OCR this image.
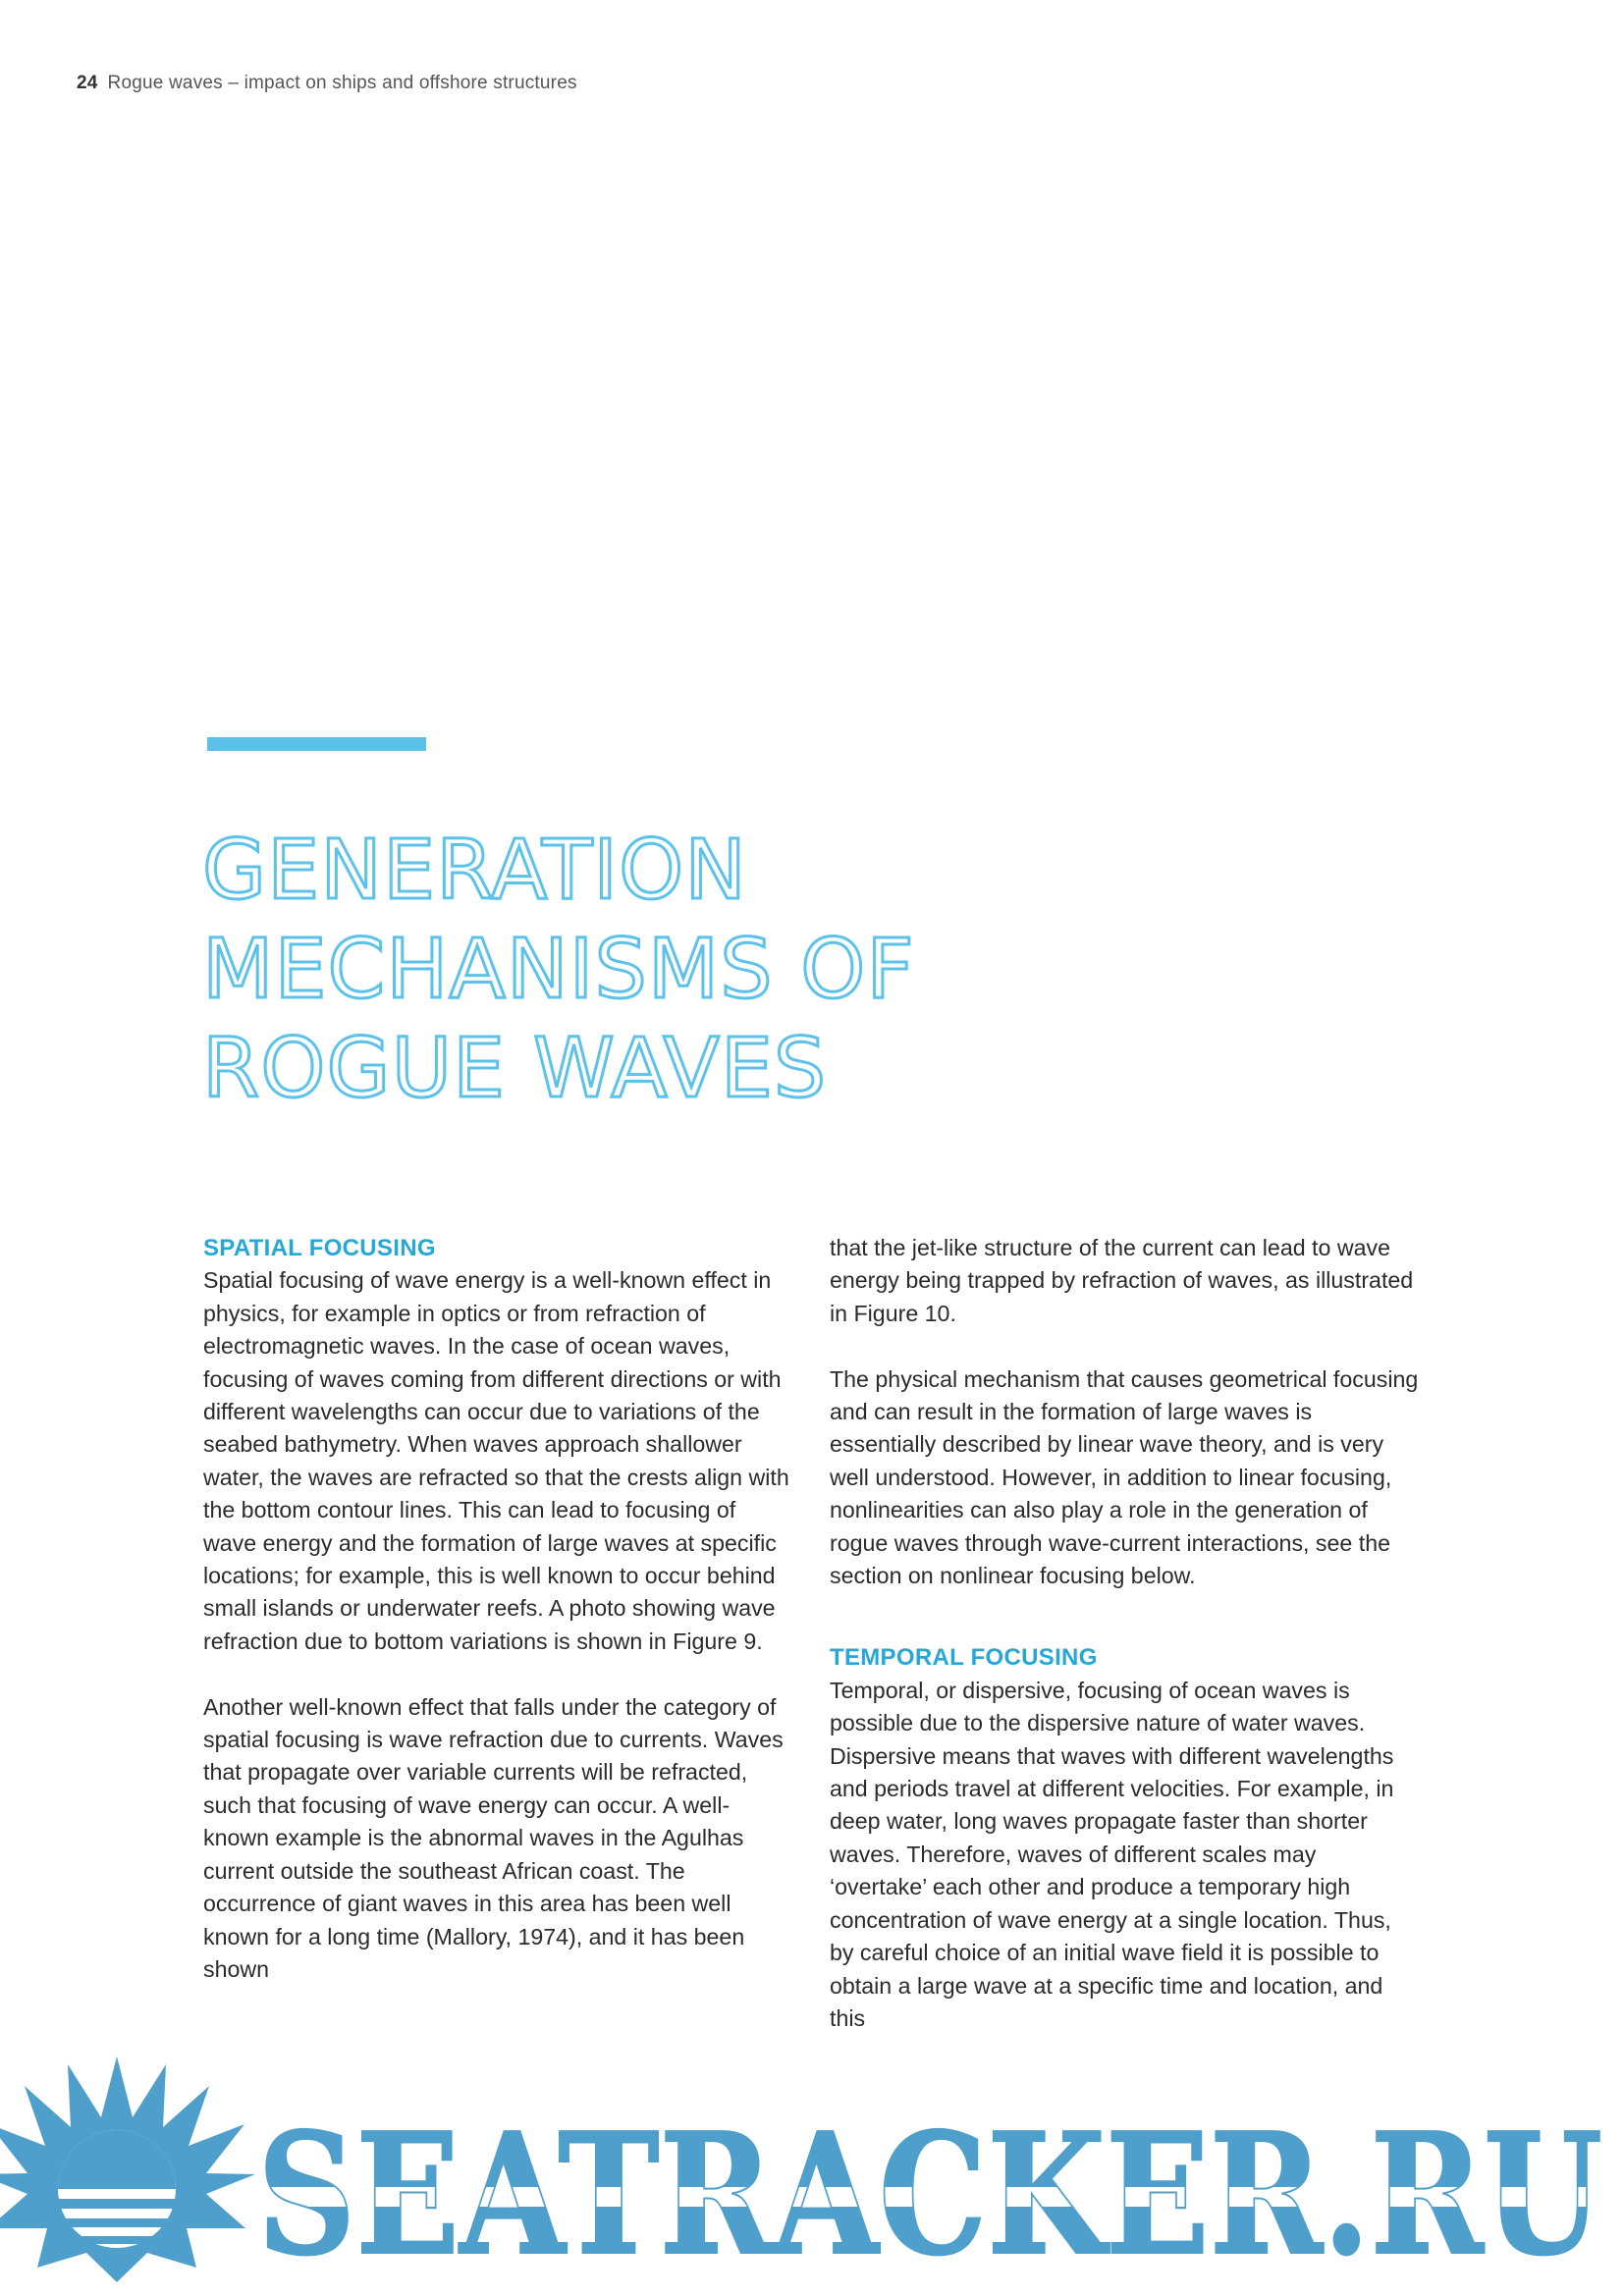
24 Rogue waves – impact on ships and offshore structures
GENERATION
MECHANISMS OF
ROGUE WAVES
SPATIAL FOCUSING

Spatial focusing of wave energy is a well-known effect in physics, for example in optics or from refraction of electromagnetic waves. In the case of ocean waves, focusing of waves coming from different directions or with different wavelengths can occur due to variations of the seabed bathymetry. When waves approach shallower water, the waves are refracted so that the crests align with the bottom contour lines. This can lead to focusing of wave energy and the formation of large waves at specific locations; for example, this is well known to occur behind small islands or underwater reefs. A photo showing wave refraction due to bottom variations is shown in Figure 9.

Another well-known effect that falls under the category of spatial focusing is wave refraction due to currents. Waves that propagate over variable currents will be refracted, such that focusing of wave energy can occur. A well-known example is the abnormal waves in the Agulhas current outside the southeast African coast. The occurrence of giant waves in this area has been well known for a long time (Mallory, 1974), and it has been shown

that the jet-like structure of the current can lead to wave energy being trapped by refraction of waves, as illustrated in Figure 10.

The physical mechanism that causes geometrical focusing and can result in the formation of large waves is essentially described by linear wave theory, and is very well understood. However, in addition to linear focusing, nonlinearities can also play a role in the generation of rogue waves through wave-current interactions, see the section on nonlinear focusing below.

TEMPORAL FOCUSING

Temporal, or dispersive, focusing of ocean waves is possible due to the dispersive nature of water waves. Dispersive means that waves with different wavelengths and periods travel at different velocities. For example, in deep water, long waves propagate faster than shorter waves. Therefore, waves of different scales may ‘overtake’ each other and produce a temporary high concentration of wave energy at a single location. Thus, by careful choice of an initial wave field it is possible to obtain a large wave at a specific time and location, and this

SEATRACKER.RU
